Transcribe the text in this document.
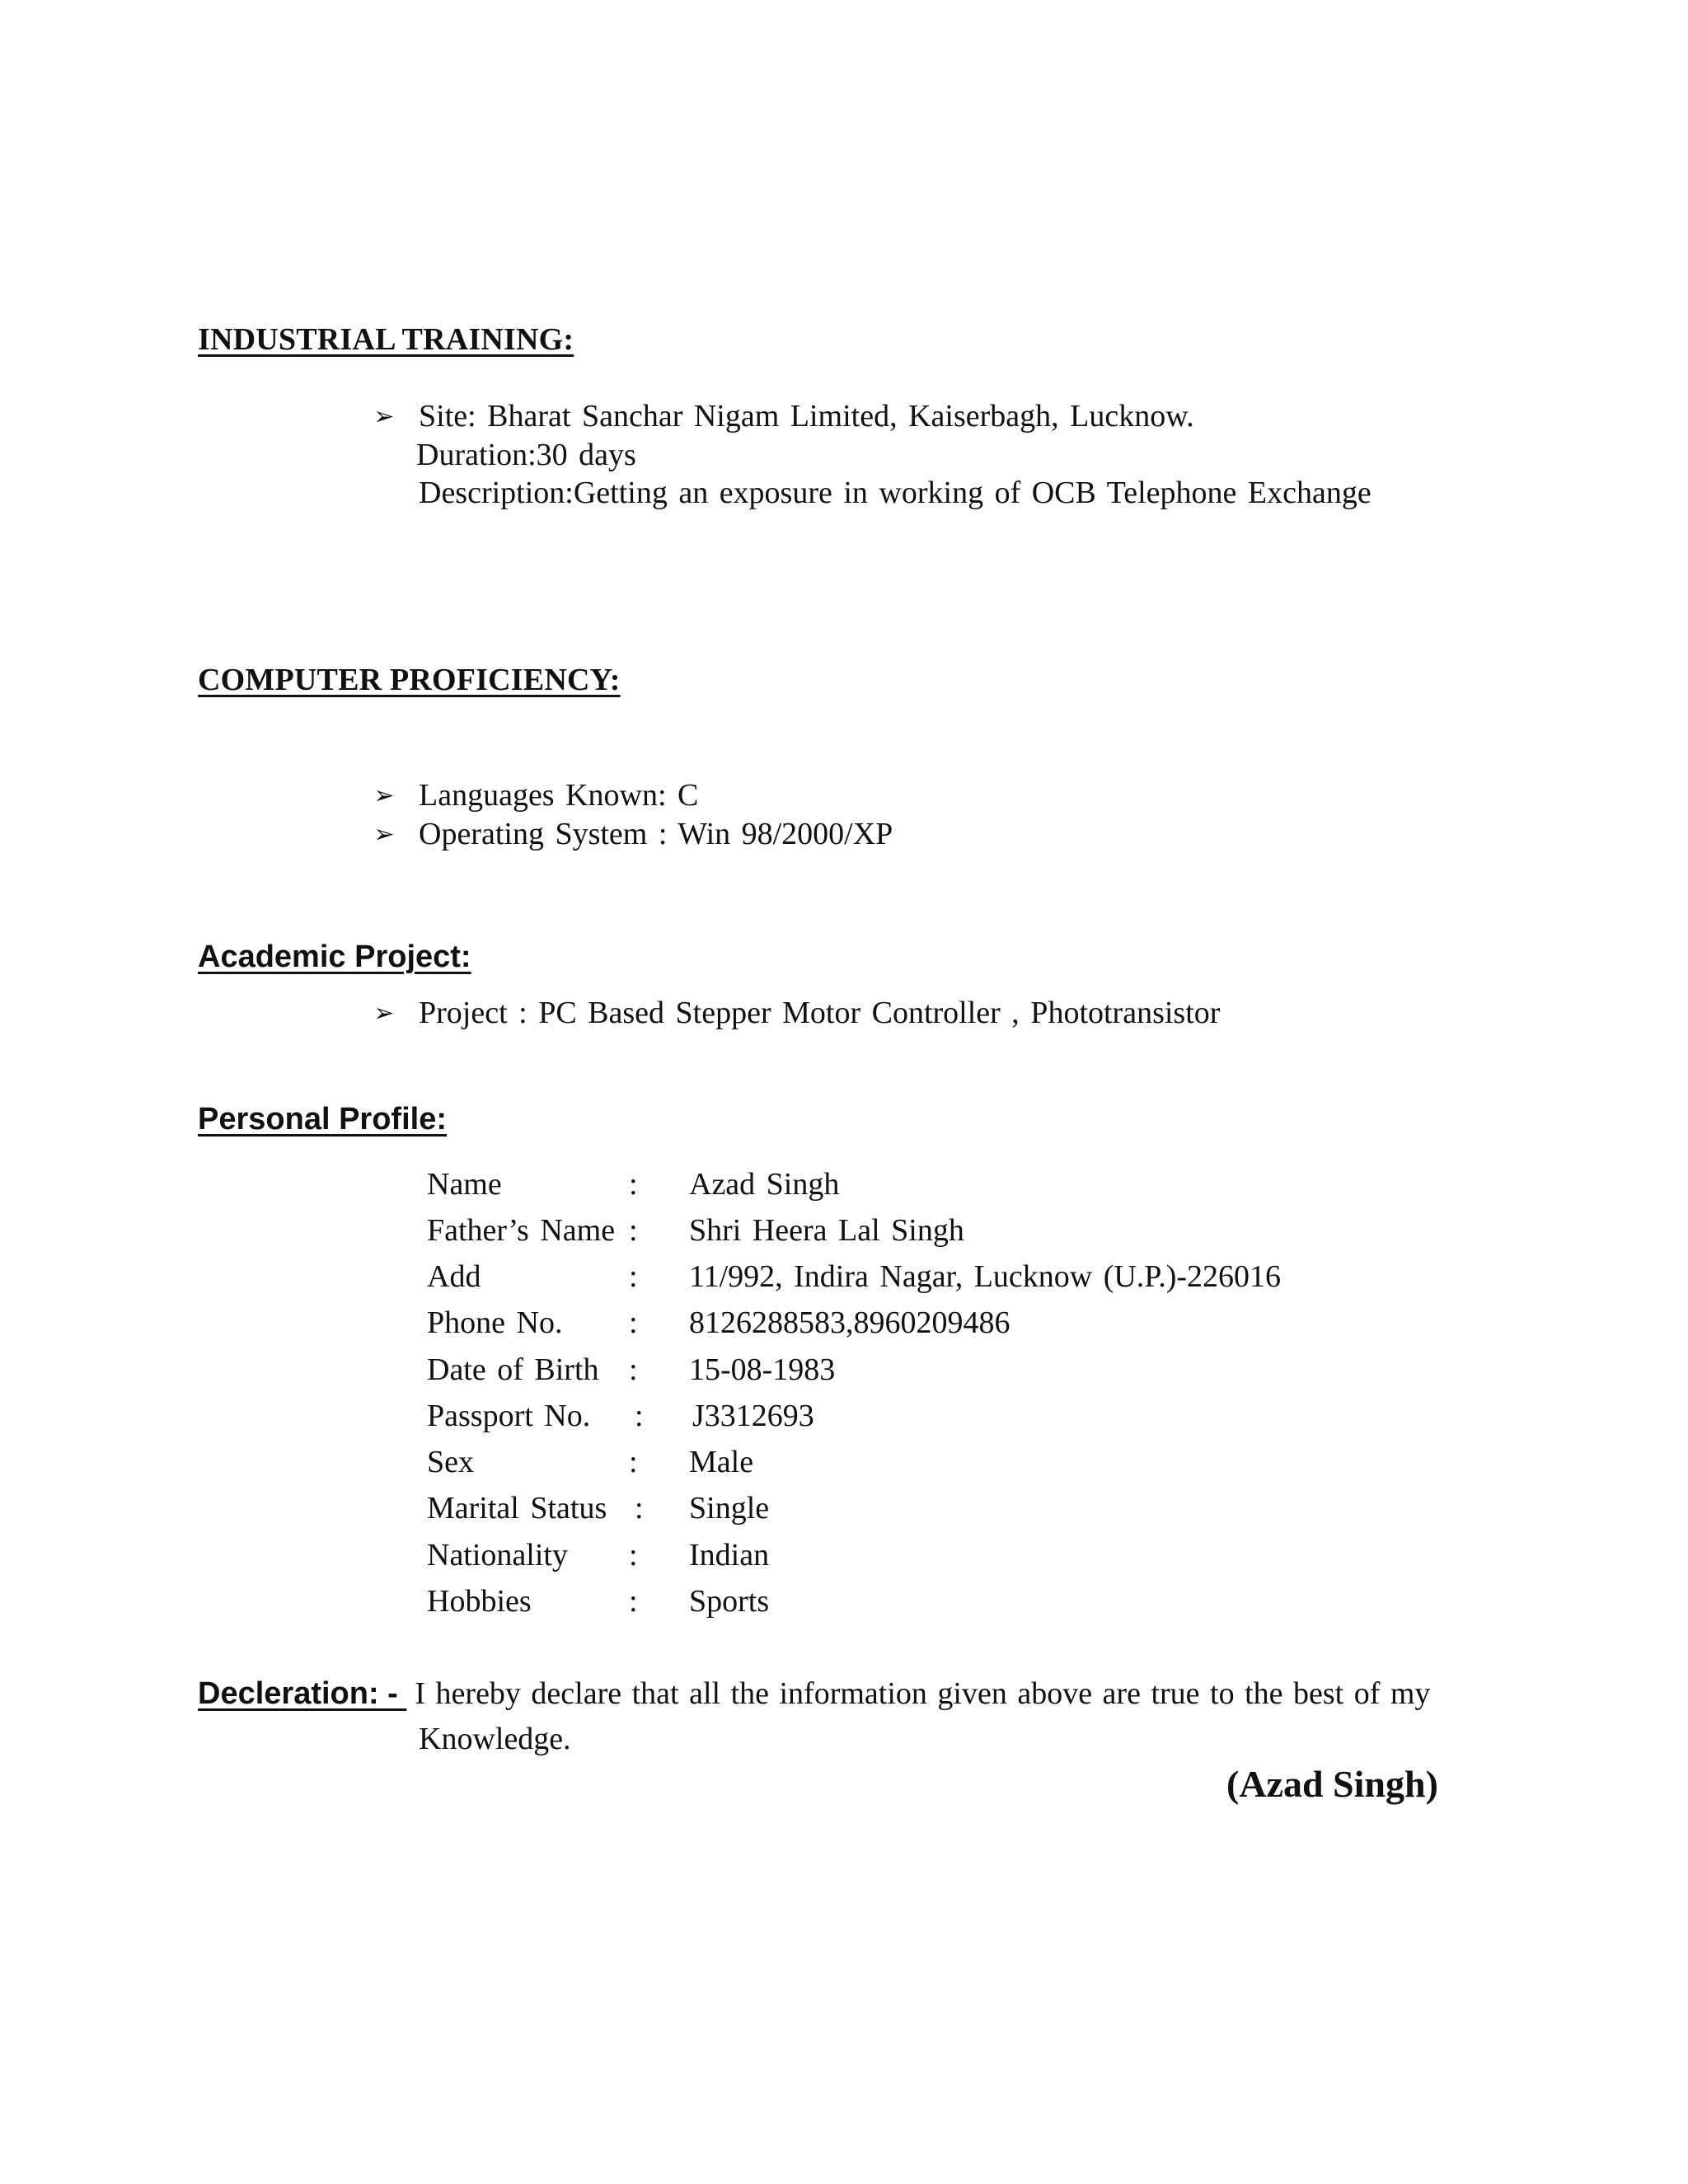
INDUSTRIAL TRAINING:
➢ Site: Bharat Sanchar Nigam Limited, Kaiserbagh, Lucknow.
Duration:30 days
Description:Getting an exposure in working of OCB Telephone Exchange
COMPUTER PROFICIENCY:
➢ Languages Known: C
➢ Operating System : Win 98/2000/XP
Academic Project:
➢ Project : PC Based Stepper Motor Controller , Phototransistor
Personal Profile:
Name	: Azad Singh
Father’s Name : Shri Heera Lal Singh
Add	: 11/992, Indira Nagar, Lucknow (U.P.)-226016
Phone No. : 8126288583,8960209486
Date of Birth : 15-08-1983
Passport No. : J3312693
Sex	: Male
Marital Status : Single
Nationality : Indian
Hobbies	: Sports
Decleration: - I hereby declare that all the information given above are true to the best of my
Knowledge.
(Azad Singh)
